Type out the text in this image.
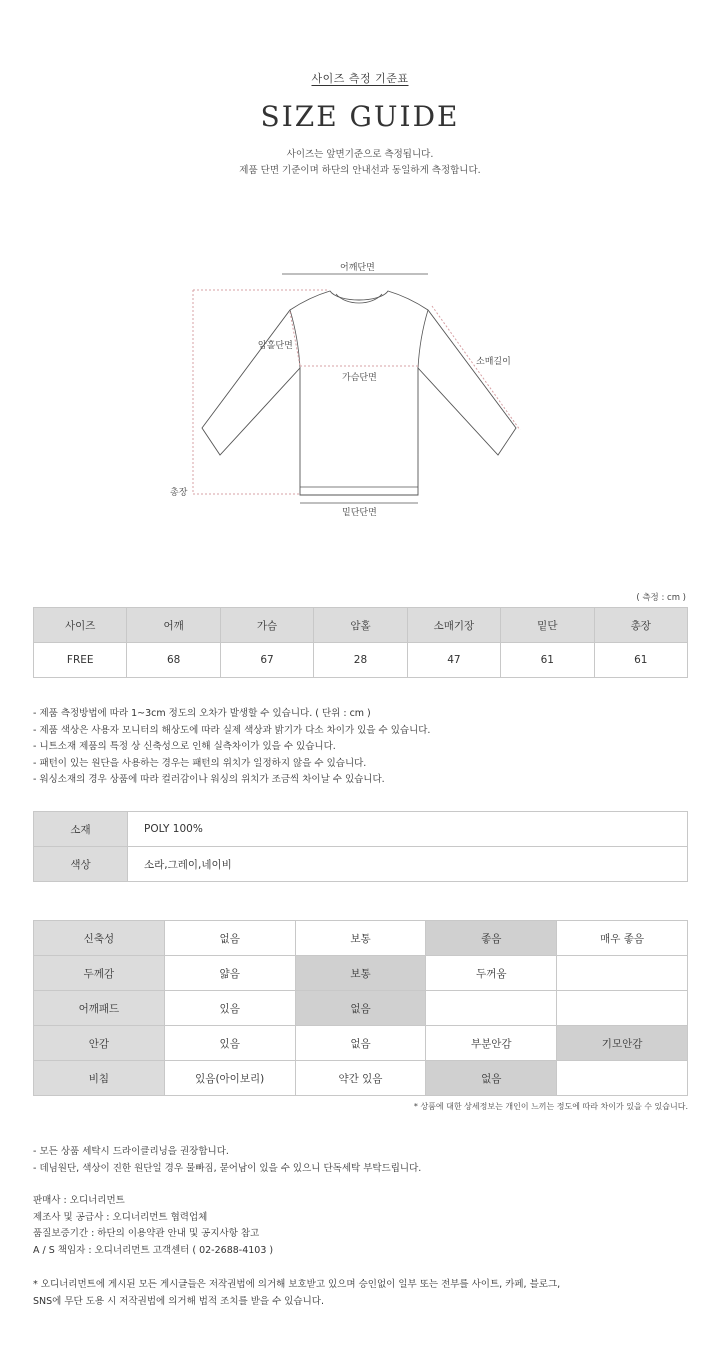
사이즈 측정 기준표
SIZE GUIDE
사이즈는 앞면기준으로 측정됩니다.
제품 단면 기준이며 하단의 안내선과 동일하게 측정합니다.
어깨단면
암홀단면
가슴단면
소매길이
총장
밑단단면
( 측정 : cm )
사이즈	어깨	가슴	암홀	소매기장	밑단	총장
FREE	68	67	28	47	61	61
- 제품 측정방법에 따라 1~3cm 정도의 오차가 발생할 수 있습니다. ( 단위 : cm )
- 제품 색상은 사용자 모니터의 해상도에 따라 실제 색상과 밝기가 다소 차이가 있을 수 있습니다.
- 니트소재 제품의 특정 상 신축성으로 인해 실측차이가 있을 수 있습니다.
- 패턴이 있는 원단을 사용하는 경우는 패턴의 위치가 일정하지 않을 수 있습니다.
- 워싱소재의 경우 상품에 따라 컬러감이나 워싱의 위치가 조금씩 차이날 수 있습니다.
소재	POLY 100%
색상	소라,그레이,네이비
신축성	없음	보통	좋음	매우 좋음
두께감	얇음	보통	두꺼움	
어깨패드	있음	없음		
안감	있음	없음	부분안감	기모안감
비침	있음(아이보리)	약간 있음	없음	
* 상품에 대한 상세정보는 개인이 느끼는 정도에 따라 차이가 있을 수 있습니다.
- 모든 상품 세탁시 드라이클리닝을 권장합니다.
- 데님원단, 색상이 진한 원단일 경우 물빠짐, 묻어남이 있을 수 있으니 단독세탁 부탁드립니다.
판매사 : 오디너리먼트
제조사 및 공급사 : 오디너리먼트 협력업체
품질보증기간 : 하단의 이용약관 안내 및 공지사항 참고
A / S 책임자 : 오디너리먼트 고객센터 ( 02-2688-4103 )
* 오디너리먼트에 게시된 모든 게시글들은 저작권법에 의거해 보호받고 있으며 승인없이 일부 또는 전부를 사이트, 카페, 블로그,
SNS에 무단 도용 시 저작권법에 의거해 법적 조치를 받을 수 있습니다.
